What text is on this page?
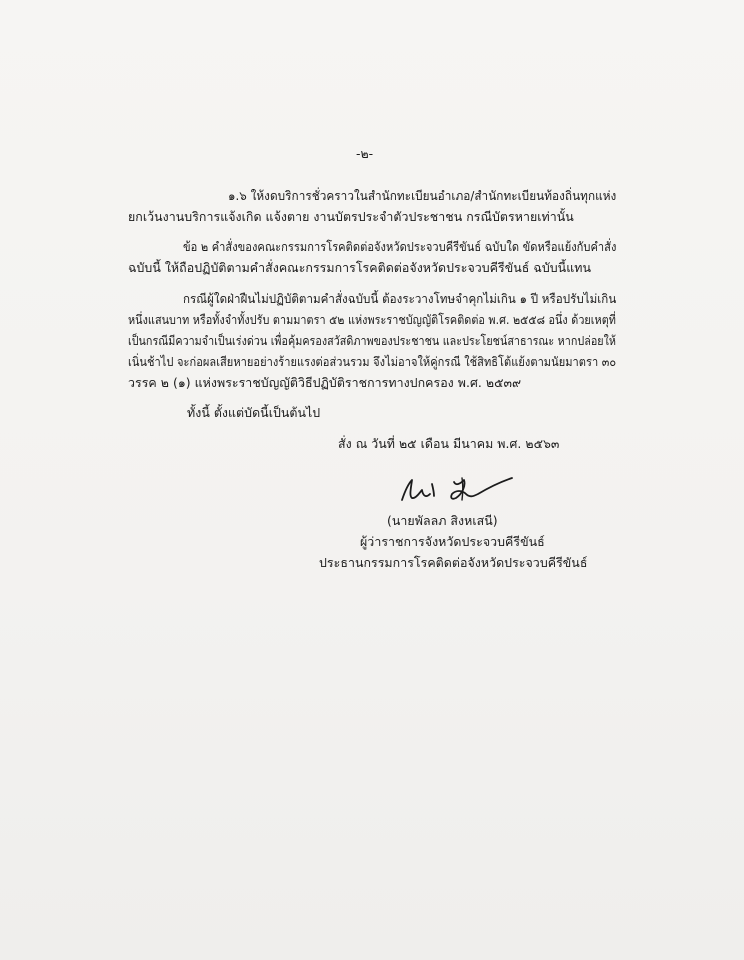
-๒-
๑.๖ ให้งดบริการชั่วคราวในสำนักทะเบียนอำเภอ/สำนักทะเบียนท้องถิ่นทุกแห่ง
ยกเว้นงานบริการแจ้งเกิด แจ้งตาย งานบัตรประจำตัวประชาชน กรณีบัตรหายเท่านั้น
ข้อ ๒ คำสั่งของคณะกรรมการโรคติดต่อจังหวัดประจวบคีรีขันธ์ ฉบับใด ขัดหรือแย้งกับคำสั่ง
ฉบับนี้ ให้ถือปฏิบัติตามคำสั่งคณะกรรมการโรคติดต่อจังหวัดประจวบคีรีขันธ์ ฉบับนี้แทน
กรณีผู้ใดฝ่าฝืนไม่ปฏิบัติตามคำสั่งฉบับนี้ ต้องระวางโทษจำคุกไม่เกิน ๑ ปี หรือปรับไม่เกิน
หนึ่งแสนบาท หรือทั้งจำทั้งปรับ ตามมาตรา ๕๒ แห่งพระราชบัญญัติโรคติดต่อ พ.ศ. ๒๕๕๘ อนึ่ง ด้วยเหตุที่
เป็นกรณีมีความจำเป็นเร่งด่วน เพื่อคุ้มครองสวัสดิภาพของประชาชน และประโยชน์สาธารณะ หากปล่อยให้
เนิ่นช้าไป จะก่อผลเสียหายอย่างร้ายแรงต่อส่วนรวม จึงไม่อาจให้คู่กรณี ใช้สิทธิโต้แย้งตามนัยมาตรา ๓๐
วรรค ๒ (๑) แห่งพระราชบัญญัติวิธีปฏิบัติราชการทางปกครอง พ.ศ. ๒๕๓๙
ทั้งนี้ ตั้งแต่บัดนี้เป็นต้นไป
สั่ง ณ วันที่ ๒๕ เดือน มีนาคม พ.ศ. ๒๕๖๓
(นายพัลลภ สิงหเสนี)
ผู้ว่าราชการจังหวัดประจวบคีรีขันธ์
ประธานกรรมการโรคติดต่อจังหวัดประจวบคีรีขันธ์
